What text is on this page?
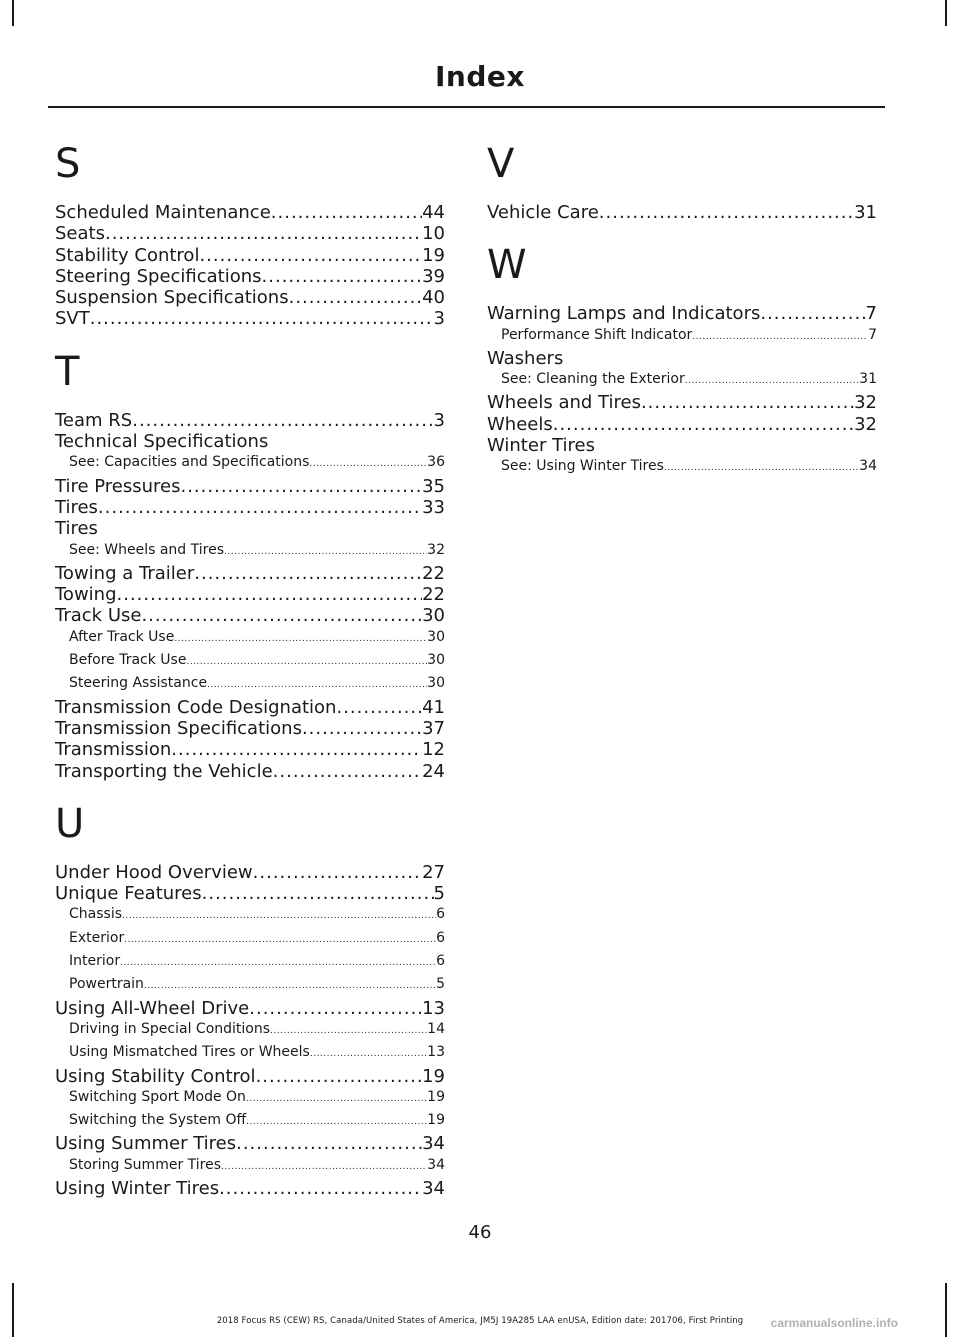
Index
S
Scheduled Maintenance .....	44
Seats .....	10
Stability Control .....	19
Steering Specifications .....	39
Suspension Specifications .....	40
SVT .....	3
T
Team RS .....	3
Technical Specifications
See: Capacities and Specifications .....	36
Tire Pressures .....	35
Tires .....	33
Tires
See: Wheels and Tires .....	32
Towing a Trailer .....	22
Towing .....	22
Track Use .....	30
After Track Use .....	30
Before Track Use .....	30
Steering Assistance .....	30
Transmission Code Designation .....	41
Transmission Specifications .....	37
Transmission .....	12
Transporting the Vehicle .....	24
U
Under Hood Overview .....	27
Unique Features .....	5
Chassis .....	6
Exterior .....	6
Interior .....	6
Powertrain .....	5
Using All-Wheel Drive .....	13
Driving in Special Conditions .....	14
Using Mismatched Tires or Wheels .....	13
Using Stability Control .....	19
Switching Sport Mode On .....	19
Switching the System Off .....	19
Using Summer Tires .....	34
Storing Summer Tires .....	34
Using Winter Tires .....	34
V
Vehicle Care .....	31
W
Warning Lamps and Indicators .....	7
Performance Shift Indicator .....	7
Washers
See: Cleaning the Exterior .....	31
Wheels and Tires .....	32
Wheels .....	32
Winter Tires
See: Using Winter Tires .....	34
46
2018 Focus RS (CEW) RS, Canada/United States of America, JM5J 19A285 LAA enUSA, Edition date: 201706, First Printing	carmanualsonline.info
